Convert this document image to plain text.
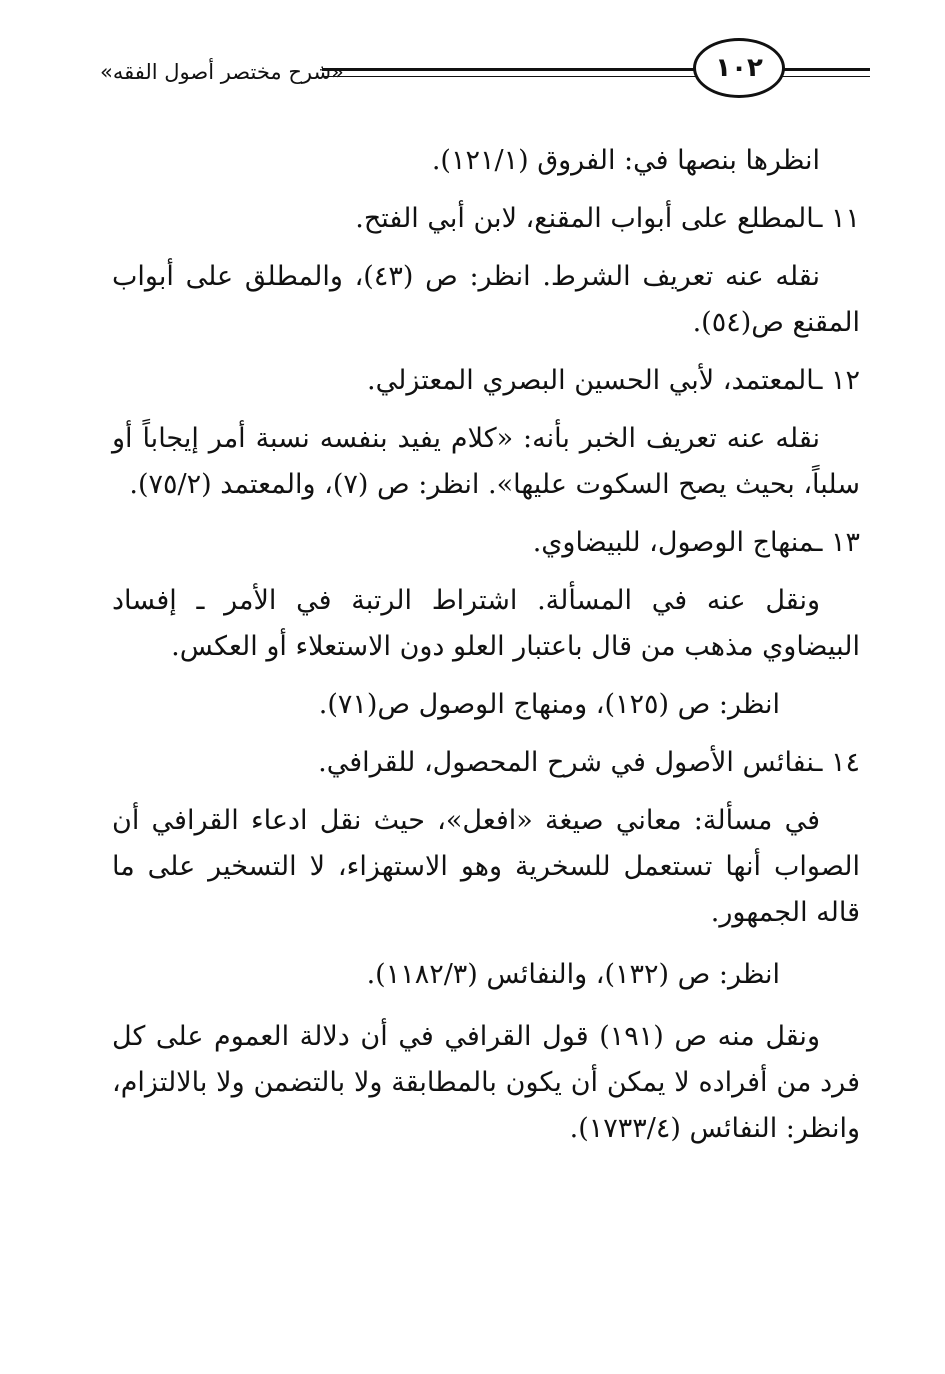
«شرح مختصر أصول الفقه»	١٠٢

انظرها بنصها في: الفروق (١٢١/١).

١١ ـالمطلع على أبواب المقنع، لابن أبي الفتح.

نقله عنه تعريف الشرط. انظر: ص (٤٣)، والمطلق على أبواب المقنع ص(٥٤).

١٢ ـالمعتمد، لأبي الحسين البصري المعتزلي.

نقله عنه تعريف الخبر بأنه: «كلام يفيد بنفسه نسبة أمر إيجاباً أو سلباً، بحيث يصح السكوت عليها». انظر: ص (٧)، والمعتمد (٧٥/٢).

١٣ ـمنهاج الوصول، للبيضاوي.

ونقل عنه في المسألة. اشتراط الرتبة في الأمر ـ إفساد البيضاوي مذهب من قال باعتبار العلو دون الاستعلاء أو العكس.

انظر: ص (١٢٥)، ومنهاج الوصول ص(٧١).

١٤ ـنفائس الأصول في شرح المحصول، للقرافي.

في مسألة: معاني صيغة «افعل»، حيث نقل ادعاء القرافي أن الصواب أنها تستعمل للسخرية وهو الاستهزاء، لا التسخير على ما قاله الجمهور.

انظر: ص (١٣٢)، والنفائس (١١٨٢/٣).

ونقل منه ص (١٩١) قول القرافي في أن دلالة العموم على كل فرد من أفراده لا يمكن أن يكون بالمطابقة ولا بالتضمن ولا بالالتزام، وانظر: النفائس (١٧٣٣/٤).
